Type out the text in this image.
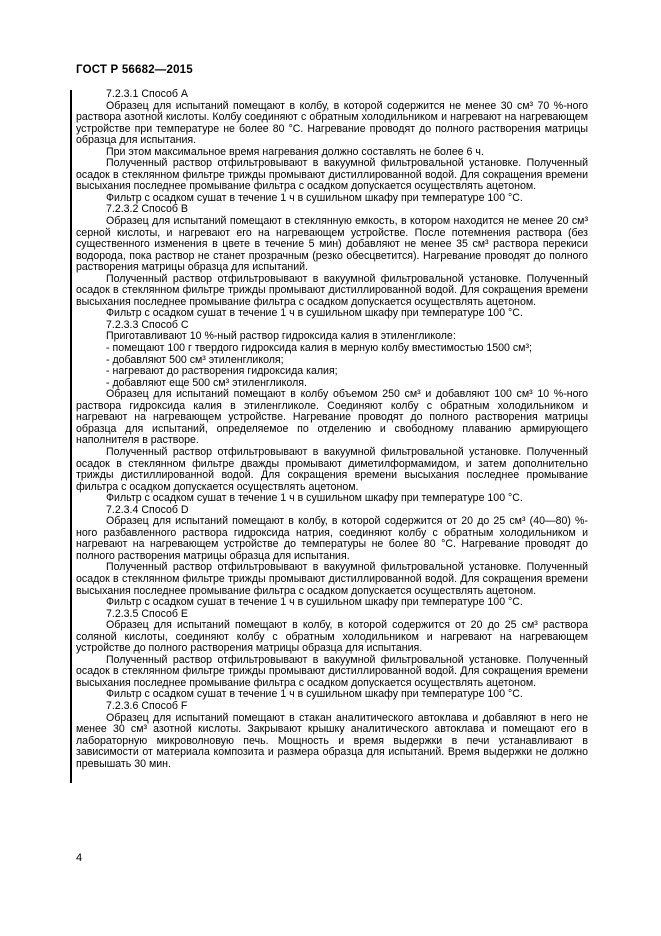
ГОСТ Р 56682—2015

7.2.3.1 Способ A

Образец для испытаний помещают в колбу, в которой содержится не менее 30 см³ 70 %-ного раствора азотной кислоты. Колбу соединяют с обратным холодильником и нагревают на нагревающем устройстве при температуре не более 80 °C. Нагревание проводят до полного растворения матрицы образца для испытания.

При этом максимальное время нагревания должно составлять не более 6 ч.

Полученный раствор отфильтровывают в вакуумной фильтровальной установке. Полученный осадок в стеклянном фильтре трижды промывают дистиллированной водой. Для сокращения времени высыхания последнее промывание фильтра с осадком допускается осуществлять ацетоном.

Фильтр с осадком сушат в течение 1 ч в сушильном шкафу при температуре 100 °C.

7.2.3.2 Способ B

Образец для испытаний помещают в стеклянную емкость, в котором находится не менее 20 см³ серной кислоты, и нагревают его на нагревающем устройстве. После потемнения раствора (без существенного изменения в цвете в течение 5 мин) добавляют не менее 35 см³ раствора перекиси водорода, пока раствор не станет прозрачным (резко обесцветится). Нагревание проводят до полного растворения матрицы образца для испытаний.

Полученный раствор отфильтровывают в вакуумной фильтровальной установке. Полученный осадок в стеклянном фильтре трижды промывают дистиллированной водой. Для сокращения времени высыхания последнее промывание фильтра с осадком допускается осуществлять ацетоном.

Фильтр с осадком сушат в течение 1 ч в сушильном шкафу при температуре 100 °C.

7.2.3.3 Способ C

Приготавливают 10 %-ный раствор гидроксида калия в этиленгликоле:

- помещают 100 г твердого гидроксида калия в мерную колбу вместимостью 1500 см³;

- добавляют 500 см³ этиленгликоля;

- нагревают до растворения гидроксида калия;

- добавляют еще 500 см³ этиленгликоля.

Образец для испытаний помещают в колбу объемом 250 см³ и добавляют 100 см³ 10 %-ного раствора гидроксида калия в этиленгликоле. Соединяют колбу с обратным холодильником и нагревают на нагревающем устройстве. Нагревание проводят до полного растворения матрицы образца для испытаний, определяемое по отделению и свободному плаванию армирующего наполнителя в растворе.

Полученный раствор отфильтровывают в вакуумной фильтровальной установке. Полученный осадок в стеклянном фильтре дважды промывают диметилформамидом, и затем дополнительно трижды дистиллированной водой. Для сокращения времени высыхания последнее промывание фильтра с осадком допускается осуществлять ацетоном.

Фильтр с осадком сушат в течение 1 ч в сушильном шкафу при температуре 100 °C.

7.2.3.4 Способ D

Образец для испытаний помещают в колбу, в которой содержится от 20 до 25 см³ (40—80) %-ного разбавленного раствора гидроксида натрия, соединяют колбу с обратным холодильником и нагревают на нагревающем устройстве до температуры не более 80 °C. Нагревание проводят до полного растворения матрицы образца для испытания.

Полученный раствор отфильтровывают в вакуумной фильтровальной установке. Полученный осадок в стеклянном фильтре трижды промывают дистиллированной водой. Для сокращения времени высыхания последнее промывание фильтра с осадком допускается осуществлять ацетоном.

Фильтр с осадком сушат в течение 1 ч в сушильном шкафу при температуре 100 °C.

7.2.3.5 Способ E

Образец для испытаний помещают в колбу, в которой содержится от 20 до 25 см³ раствора соляной кислоты, соединяют колбу с обратным холодильником и нагревают на нагревающем устройстве до полного растворения матрицы образца для испытания.

Полученный раствор отфильтровывают в вакуумной фильтровальной установке. Полученный осадок в стеклянном фильтре трижды промывают дистиллированной водой. Для сокращения времени высыхания последнее промывание фильтра с осадком допускается осуществлять ацетоном.

Фильтр с осадком сушат в течение 1 ч в сушильном шкафу при температуре 100 °C.

7.2.3.6 Способ F

Образец для испытаний помещают в стакан аналитического автоклава и добавляют в него не менее 30 см³ азотной кислоты. Закрывают крышку аналитического автоклава и помещают его в лабораторную микроволновую печь. Мощность и время выдержки в печи устанавливают в зависимости от материала композита и размера образца для испытаний. Время выдержки не должно превышать 30 мин.

4
